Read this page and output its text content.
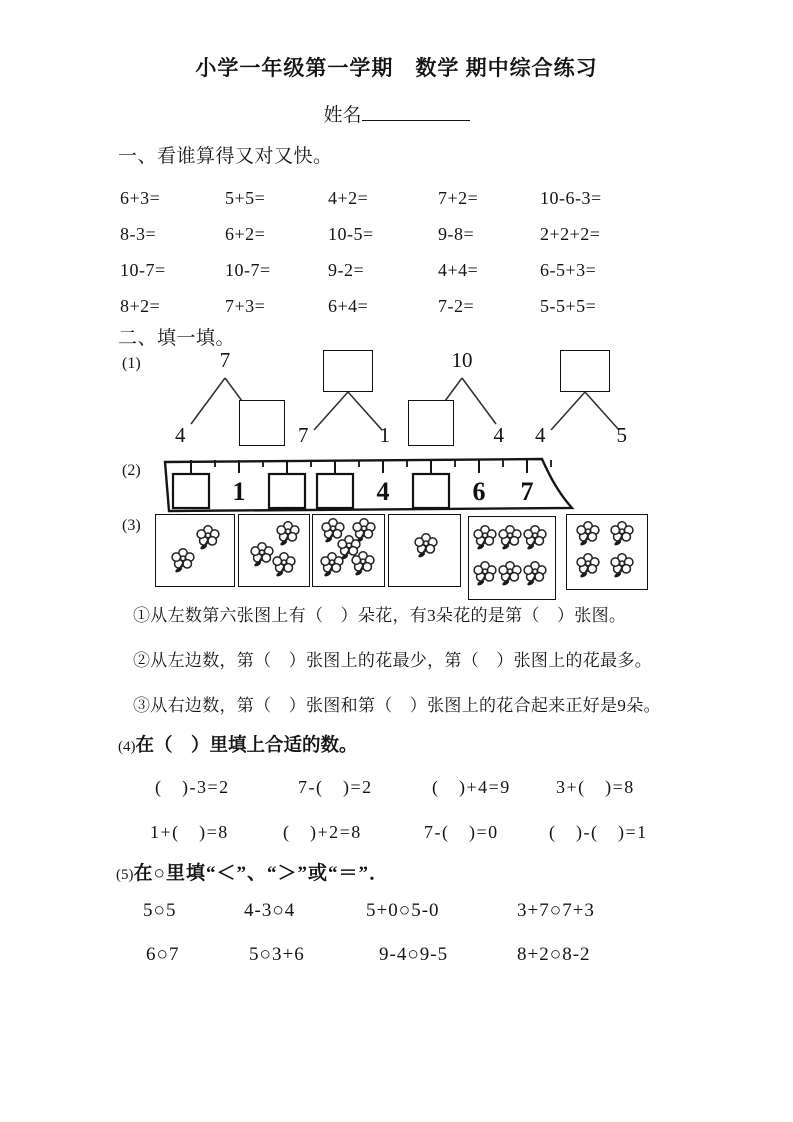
小学一年级第一学期　数学 期中综合练习
姓名
一、看谁算得又对又快。
6+3=	5+5=	4+2=	7+2=	10-6-3=
8-3=	6+2=	10-5=	9-8=	2+2+2=
10-7=	10-7=	9-2=	4+4=	6-5+3=
8+2=	7+3=	6+4=	7-2=	5-5+5=
二、填一填。
(1)	7
4	7	1
10
4 4	5
(2)
1	4	6 7
(3)
①从左数第六张图上有（　）朵花，有3朵花的是第（　）张图。
②从左边数，第（　）张图上的花最少，第（　）张图上的花最多。
③从右边数，第（　）张图和第（　）张图上的花合起来正好是9朵。
(4)在（　）里填上合适的数。
(　)-3=2	7-(　)=2	(　)+4=9	3+(　)=8
1+(　)=8	(　)+2=8	7-(　)=0	(　)-(　)=1
(5)在○里填“＜”、“＞”或“＝”．
5○5	4-3○4	5+0○5-0	3+7○7+3
6○7	5○3+6	9-4○9-5	8+2○8-2
